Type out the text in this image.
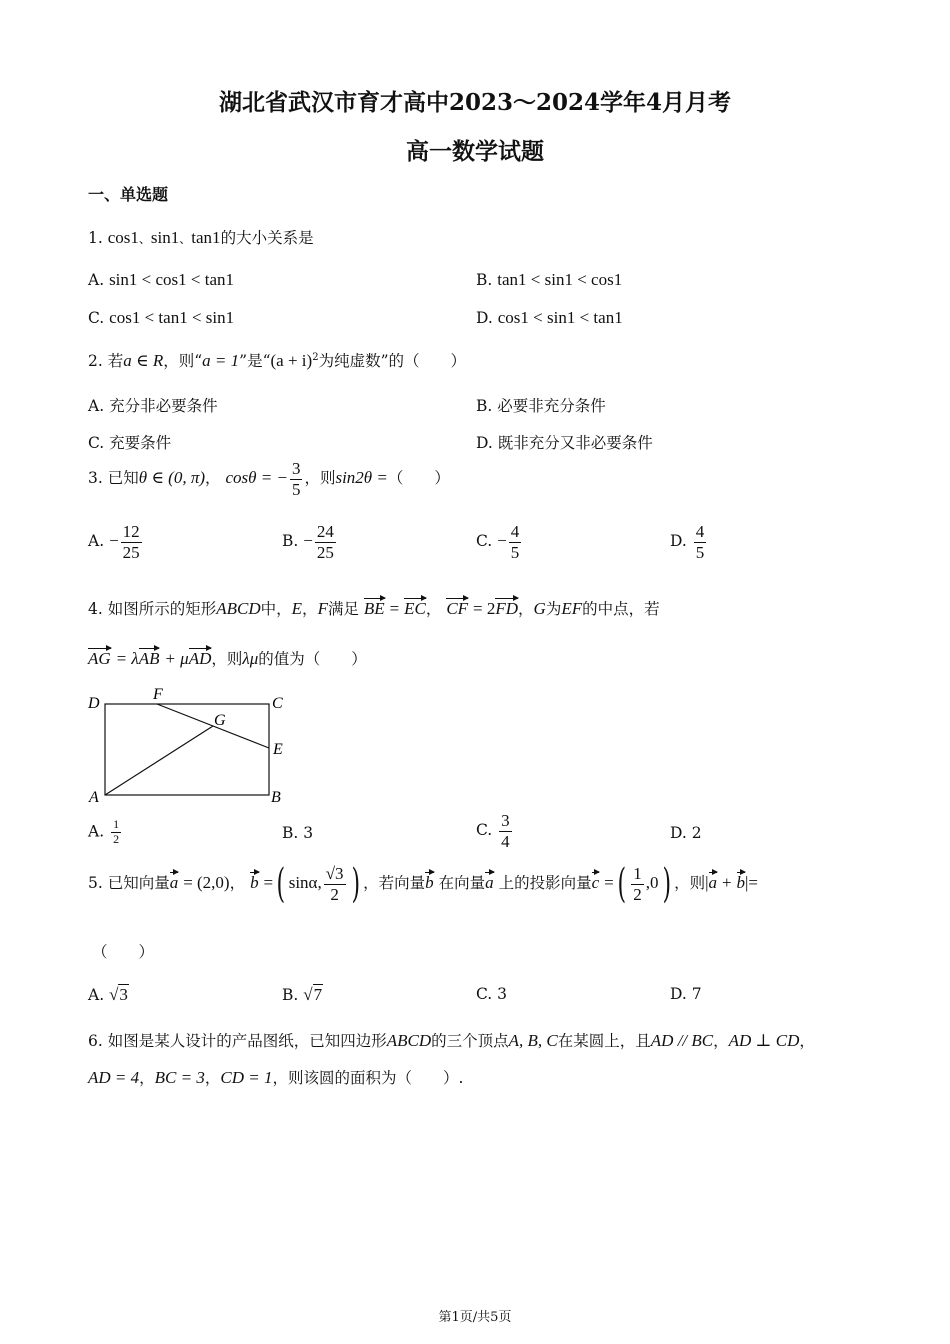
湖北省武汉市育才高中2023～2024学年4月月考
高一数学试题
一、单选题
1. cos1、sin1、tan1的大小关系是
A. sin1 < cos1 < tan1	B. tan1 < sin1 < cos1
C. cos1 < tan1 < sin1	D. cos1 < sin1 < tan1
2. 若a ∈ R，则“a = 1”是“$(a + i)^2$为纯虚数”的（　　）
A. 充分非必要条件	B. 必要非充分条件
C. 充要条件	D. 既非充分又非必要条件
3. 已知θ ∈ (0, π)， cosθ = − $\frac{3}{5}$ ，则sin2θ =（　　）
A. − $\frac{12}{25}$	B. − $\frac{24}{25}$	C. − $\frac{4}{5}$	D. $\frac{4}{5}$
4. 如图所示的矩形ABCD中，E，F满足 BE = EC， CF = 2FD，G为EF的中点，若
AG = λAB + μAD，则λμ的值为（　　）
D
F
C
G
E
A	B
A. $\frac{1}{2}$	B. 3	C. $\frac{3}{4}$	D. 2
5. 已知向量a = (2,0)， b =( sinα, $\frac{√3}{2}$ ) ，若向量b 在向量a 上的投影向量c =( $\frac{1}{2} ,0$) ，则|a + b|=
（　　）
A. √3	B. √7	C. 3	D. 7
6. 如图是某人设计的产品图纸，已知四边形ABCD的三个顶点A, B, C在某圆上，且AD // BC，AD ⊥ CD，
AD = 4，BC = 3，CD = 1，则该圆的面积为（　　）.
第1页/共5页
